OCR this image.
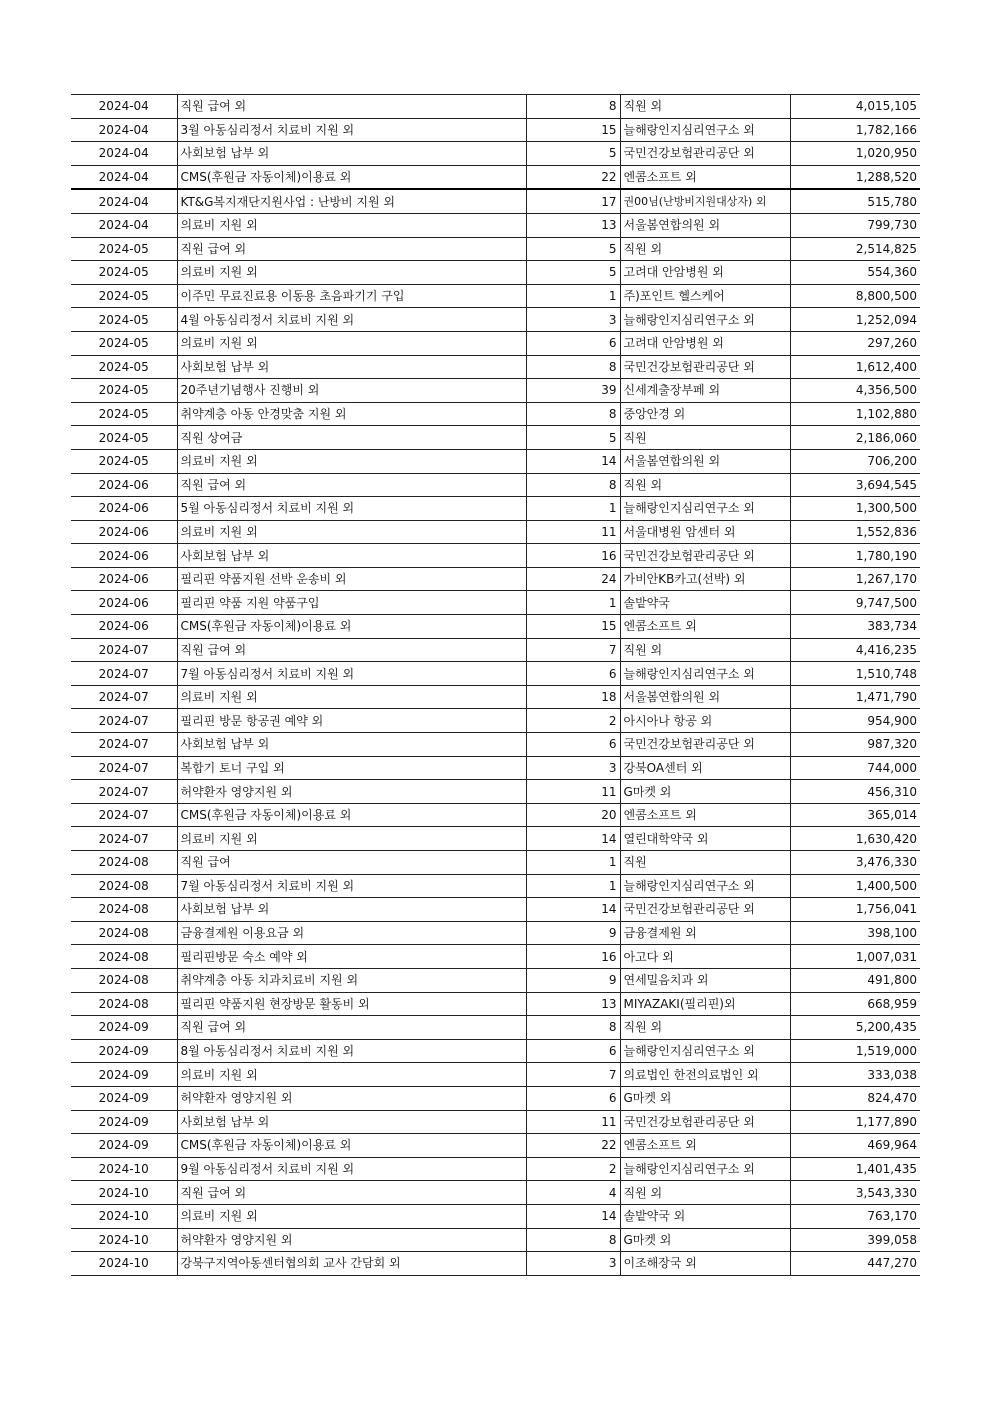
2024-04	직원 급여 외	8	직원 외	4,015,105
2024-04	3월 아동심리정서 치료비 지원 외	15	늘해랑인지심리연구소 외	1,782,166
2024-04	사회보험 납부 외	5	국민건강보험관리공단 외	1,020,950
2024-04	CMS(후원금 자동이체)이용료 외	22	엔콤소프트 외	1,288,520
2024-04	KT&G복지재단지원사업 : 난방비 지원 외	17	권00님(난방비지원대상자) 외	515,780
2024-04	의료비 지원 외	13	서울봄연합의원 외	799,730
2024-05	직원 급여 외	5	직원 외	2,514,825
2024-05	의료비 지원 외	5	고려대 안암병원 외	554,360
2024-05	이주민 무료진료용 이동용 초음파기기 구입	1	주)포인트 헬스케어	8,800,500
2024-05	4월 아동심리정서 치료비 지원 외	3	늘해랑인지심리연구소 외	1,252,094
2024-05	의료비 지원 외	6	고려대 안암병원 외	297,260
2024-05	사회보험 납부 외	8	국민건강보험관리공단 외	1,612,400
2024-05	20주년기념행사 진행비 외	39	신세계출장부페 외	4,356,500
2024-05	취약계층 아동 안경맞춤 지원 외	8	중앙안경 외	1,102,880
2024-05	직원 상여금	5	직원	2,186,060
2024-05	의료비 지원 외	14	서울봄연합의원 외	706,200
2024-06	직원 급여 외	8	직원 외	3,694,545
2024-06	5월 아동심리정서 치료비 지원 외	1	늘해랑인지심리연구소 외	1,300,500
2024-06	의료비 지원 외	11	서울대병원 암센터 외	1,552,836
2024-06	사회보험 납부 외	16	국민건강보험관리공단 외	1,780,190
2024-06	필리핀 약품지원 선박 운송비 외	24	가비안KB카고(선박) 외	1,267,170
2024-06	필리핀 약품 지원 약품구입	1	솔밭약국	9,747,500
2024-06	CMS(후원금 자동이체)이용료 외	15	엔콤소프트 외	383,734
2024-07	직원 급여 외	7	직원 외	4,416,235
2024-07	7월 아동심리정서 치료비 지원 외	6	늘해랑인지심리연구소 외	1,510,748
2024-07	의료비 지원 외	18	서울봄연합의원 외	1,471,790
2024-07	필리핀 방문 항공권 예약 외	2	아시아나 항공 외	954,900
2024-07	사회보험 납부 외	6	국민건강보험관리공단 외	987,320
2024-07	복합기 토너 구입 외	3	강북OA센터 외	744,000
2024-07	허약환자 영양지원 외	11	G마켓 외	456,310
2024-07	CMS(후원금 자동이체)이용료 외	20	엔콤소프트 외	365,014
2024-07	의료비 지원 외	14	열린대학약국 외	1,630,420
2024-08	직원 급여	1	직원	3,476,330
2024-08	7월 아동심리정서 치료비 지원 외	1	늘해랑인지심리연구소 외	1,400,500
2024-08	사회보험 납부 외	14	국민건강보험관리공단 외	1,756,041
2024-08	금융결제원 이용요금 외	9	금융결제원 외	398,100
2024-08	필리핀방문 숙소 예약 외	16	아고다 외	1,007,031
2024-08	취약계층 아동 치과치료비 지원 외	9	연세밀음치과 외	491,800
2024-08	필리핀 약품지원 현장방문 활동비 외	13	MIYAZAKI(필리핀)외	668,959
2024-09	직원 급여 외	8	직원 외	5,200,435
2024-09	8월 아동심리정서 치료비 지원 외	6	늘해랑인지심리연구소 외	1,519,000
2024-09	의료비 지원 외	7	의료법인 한전의료법인 외	333,038
2024-09	허약환자 영양지원 외	6	G마켓 외	824,470
2024-09	사회보험 납부 외	11	국민건강보험관리공단 외	1,177,890
2024-09	CMS(후원금 자동이체)이용료 외	22	엔콤소프트 외	469,964
2024-10	9월 아동심리정서 치료비 지원 외	2	늘해랑인지심리연구소 외	1,401,435
2024-10	직원 급여 외	4	직원 외	3,543,330
2024-10	의료비 지원 외	14	솔밭약국 외	763,170
2024-10	허약환자 영양지원 외	8	G마켓 외	399,058
2024-10	강북구지역아동센터협의회 교사 간담회 외	3	이조해장국 외	447,270
